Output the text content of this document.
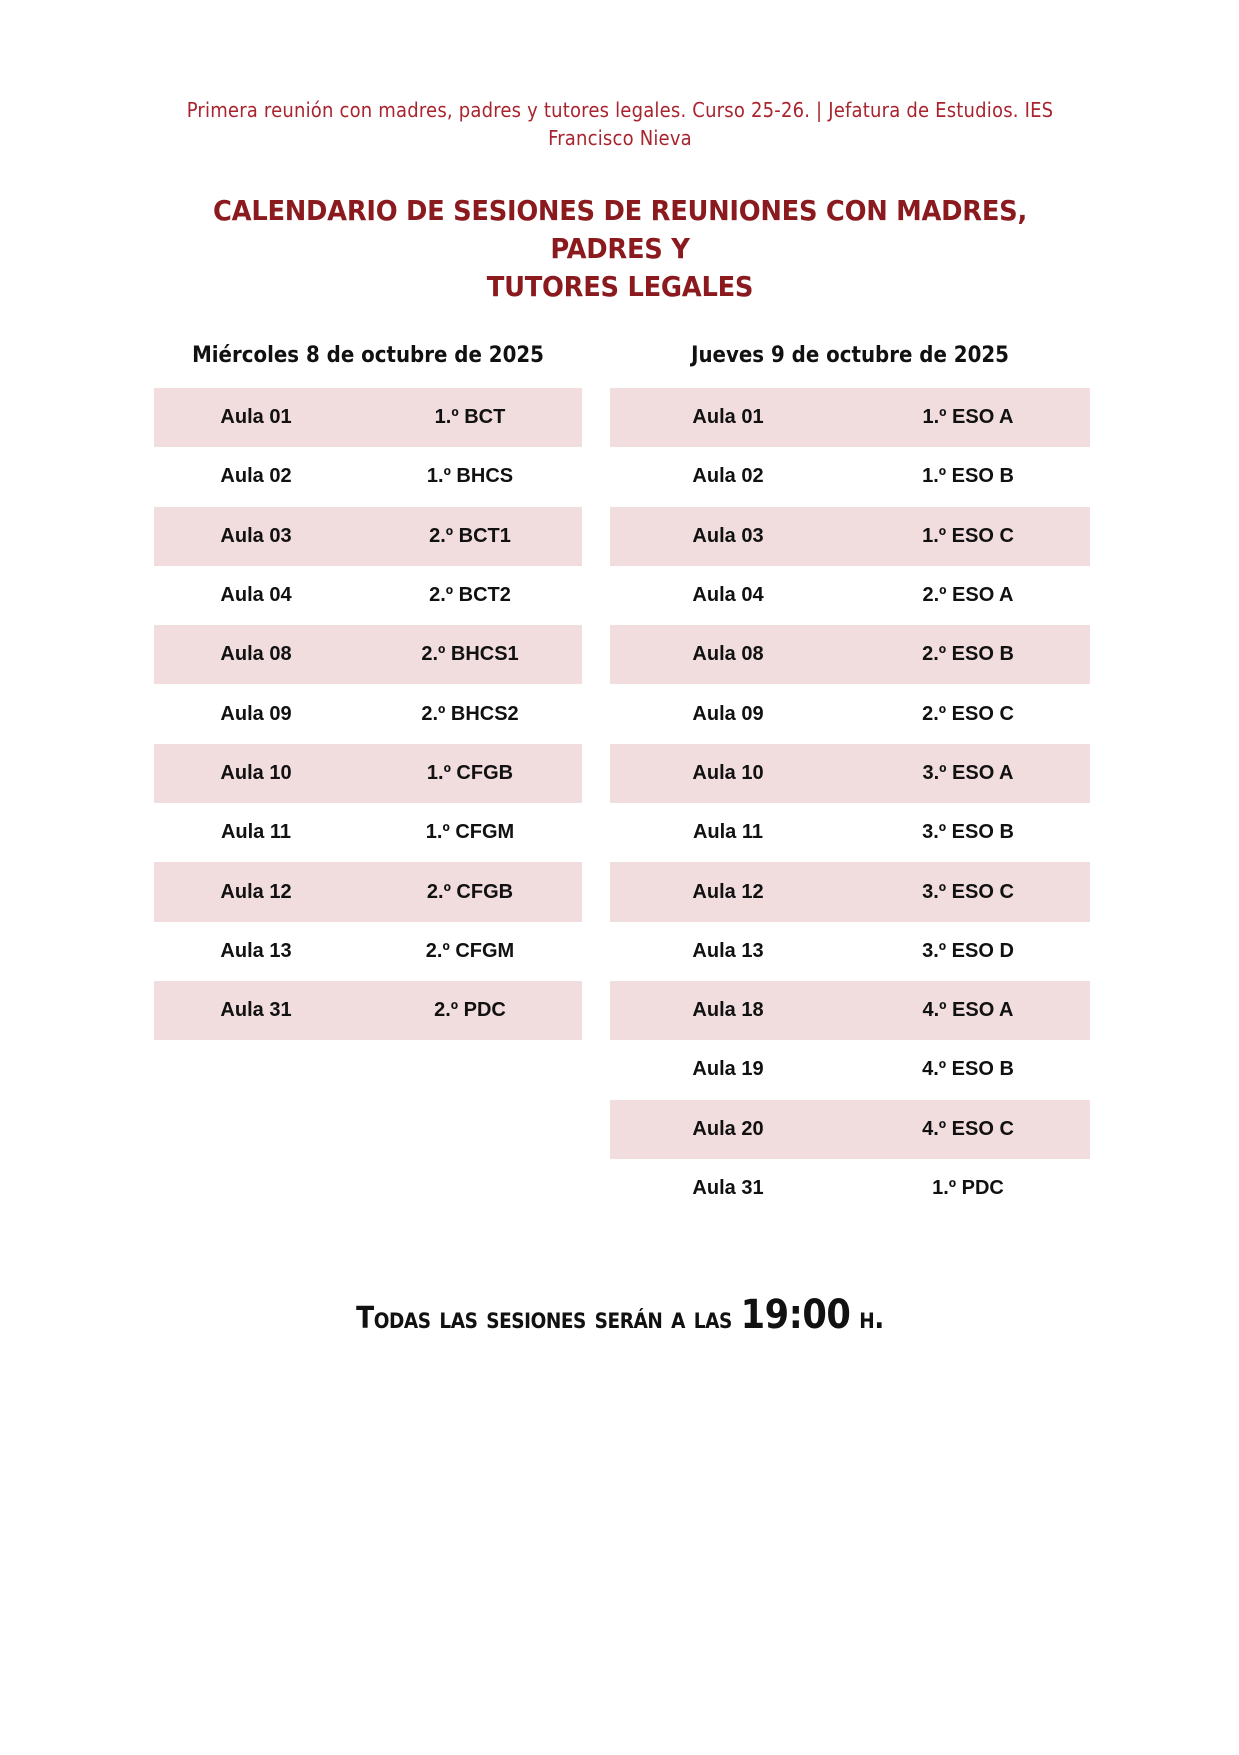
Primera reunión con madres, padres y tutores legales. Curso 25-26. | Jefatura de Estudios. IES
Francisco Nieva
CALENDARIO DE SESIONES DE REUNIONES CON MADRES, PADRES Y
TUTORES LEGALES
Miércoles 8 de octubre de 2025
Aula 01	1.º BCT
Aula 02	1.º BHCS
Aula 03	2.º BCT1
Aula 04	2.º BCT2
Aula 08	2.º BHCS1
Aula 09	2.º BHCS2
Aula 10	1.º CFGB
Aula 11	1.º CFGM
Aula 12	2.º CFGB
Aula 13	2.º CFGM
Aula 31	2.º PDC
Jueves 9 de octubre de 2025
Aula 01	1.º ESO A
Aula 02	1.º ESO B
Aula 03	1.º ESO C
Aula 04	2.º ESO A
Aula 08	2.º ESO B
Aula 09	2.º ESO C
Aula 10	3.º ESO A
Aula 11	3.º ESO B
Aula 12	3.º ESO C
Aula 13	3.º ESO D
Aula 18	4.º ESO A
Aula 19	4.º ESO B
Aula 20	4.º ESO C
Aula 31	1.º PDC
Todas las sesiones serán a las 19:00 h.
